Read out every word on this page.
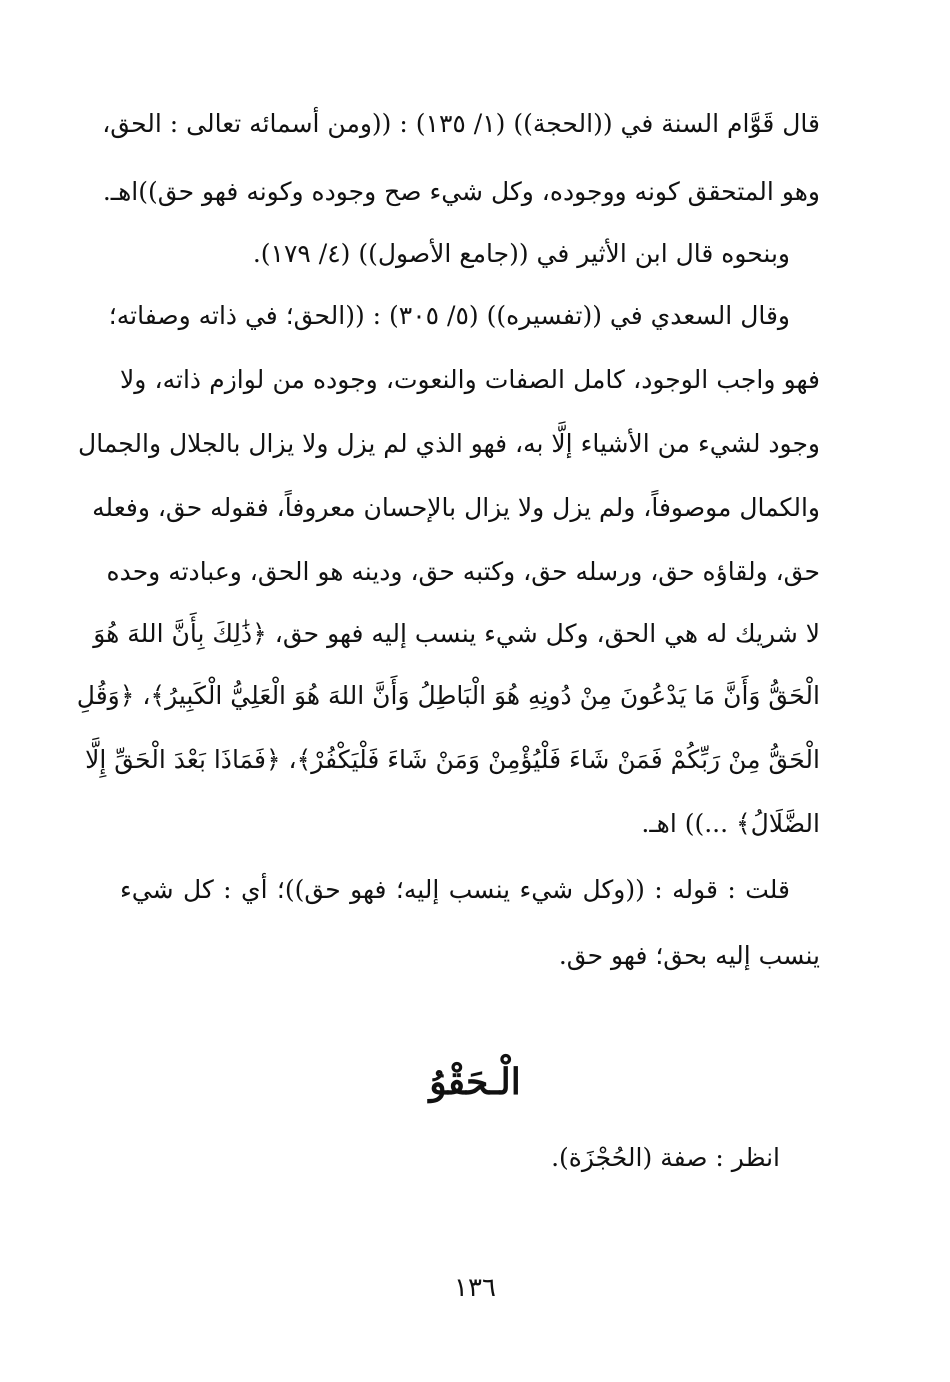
قال قَوَّام السنة في ((الحجة)) (١/ ١٣٥) : ((ومن أسمائه تعالى : الحق،
وهو المتحقق كونه ووجوده، وكل شيء صح وجوده وكونه فهو حق))اهـ.
وبنحوه قال ابن الأثير في ((جامع الأصول)) (٤/ ١٧٩).
وقال السعدي في ((تفسيره)) (٥/ ٣٠٥) : ((الحق؛ في ذاته وصفاته؛
فهو واجب الوجود، كامل الصفات والنعوت، وجوده من لوازم ذاته، ولا
وجود لشيء من الأشياء إلَّا به، فهو الذي لم يزل ولا يزال بالجلال والجمال
والكمال موصوفاً، ولم يزل ولا يزال بالإحسان معروفاً، فقوله حق، وفعله
حق، ولقاؤه حق، ورسله حق، وكتبه حق، ودينه هو الحق، وعبادته وحده
لا شريك له هي الحق، وكل شيء ينسب إليه فهو حق، ﴿ذَٰلِكَ بِأَنَّ اللهَ هُوَ
الْحَقُّ وَأَنَّ مَا يَدْعُونَ مِنْ دُونِهِ هُوَ الْبَاطِلُ وَأَنَّ اللهَ هُوَ الْعَلِيُّ الْكَبِيرُ﴾، ﴿وَقُلِ
الْحَقُّ مِنْ رَبِّكُمْ فَمَنْ شَاءَ فَلْيُؤْمِنْ وَمَنْ شَاءَ فَلْيَكْفُرْ﴾، ﴿فَمَاذَا بَعْدَ الْحَقِّ إِلَّا
الضَّلَالُ﴾ ...)) اهـ.
قلت : قوله : ((وكل شيء ينسب إليه؛ فهو حق))؛ أي : كل شيء
ينسب إليه بحق؛ فهو حق.
الْـحَقْوُ
انظر : صفة (الحُجْزَة).
١٣٦
